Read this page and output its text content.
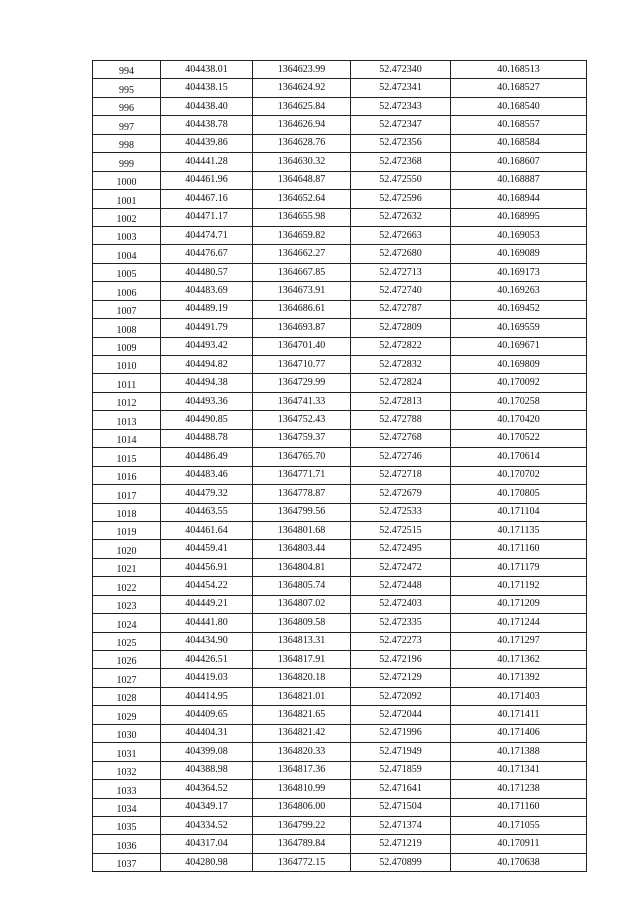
994	404438.01	1364623.99	52.472340	40.168513
995	404438.15	1364624.92	52.472341	40.168527
996	404438.40	1364625.84	52.472343	40.168540
997	404438.78	1364626.94	52.472347	40.168557
998	404439.86	1364628.76	52.472356	40.168584
999	404441.28	1364630.32	52.472368	40.168607
1000	404461.96	1364648.87	52.472550	40.168887
1001	404467.16	1364652.64	52.472596	40.168944
1002	404471.17	1364655.98	52.472632	40.168995
1003	404474.71	1364659.82	52.472663	40.169053
1004	404476.67	1364662.27	52.472680	40.169089
1005	404480.57	1364667.85	52.472713	40.169173
1006	404483.69	1364673.91	52.472740	40.169263
1007	404489.19	1364686.61	52.472787	40.169452
1008	404491.79	1364693.87	52.472809	40.169559
1009	404493.42	1364701.40	52.472822	40.169671
1010	404494.82	1364710.77	52.472832	40.169809
1011	404494.38	1364729.99	52.472824	40.170092
1012	404493.36	1364741.33	52.472813	40.170258
1013	404490.85	1364752.43	52.472788	40.170420
1014	404488.78	1364759.37	52.472768	40.170522
1015	404486.49	1364765.70	52.472746	40.170614
1016	404483.46	1364771.71	52.472718	40.170702
1017	404479.32	1364778.87	52.472679	40.170805
1018	404463.55	1364799.56	52.472533	40.171104
1019	404461.64	1364801.68	52.472515	40.171135
1020	404459.41	1364803.44	52.472495	40.171160
1021	404456.91	1364804.81	52.472472	40.171179
1022	404454.22	1364805.74	52.472448	40.171192
1023	404449.21	1364807.02	52.472403	40.171209
1024	404441.80	1364809.58	52.472335	40.171244
1025	404434.90	1364813.31	52.472273	40.171297
1026	404426.51	1364817.91	52.472196	40.171362
1027	404419.03	1364820.18	52.472129	40.171392
1028	404414.95	1364821.01	52.472092	40.171403
1029	404409.65	1364821.65	52.472044	40.171411
1030	404404.31	1364821.42	52.471996	40.171406
1031	404399.08	1364820.33	52.471949	40.171388
1032	404388.98	1364817.36	52.471859	40.171341
1033	404364.52	1364810.99	52.471641	40.171238
1034	404349.17	1364806.00	52.471504	40.171160
1035	404334.52	1364799.22	52.471374	40.171055
1036	404317.04	1364789.84	52.471219	40.170911
1037	404280.98	1364772.15	52.470899	40.170638
